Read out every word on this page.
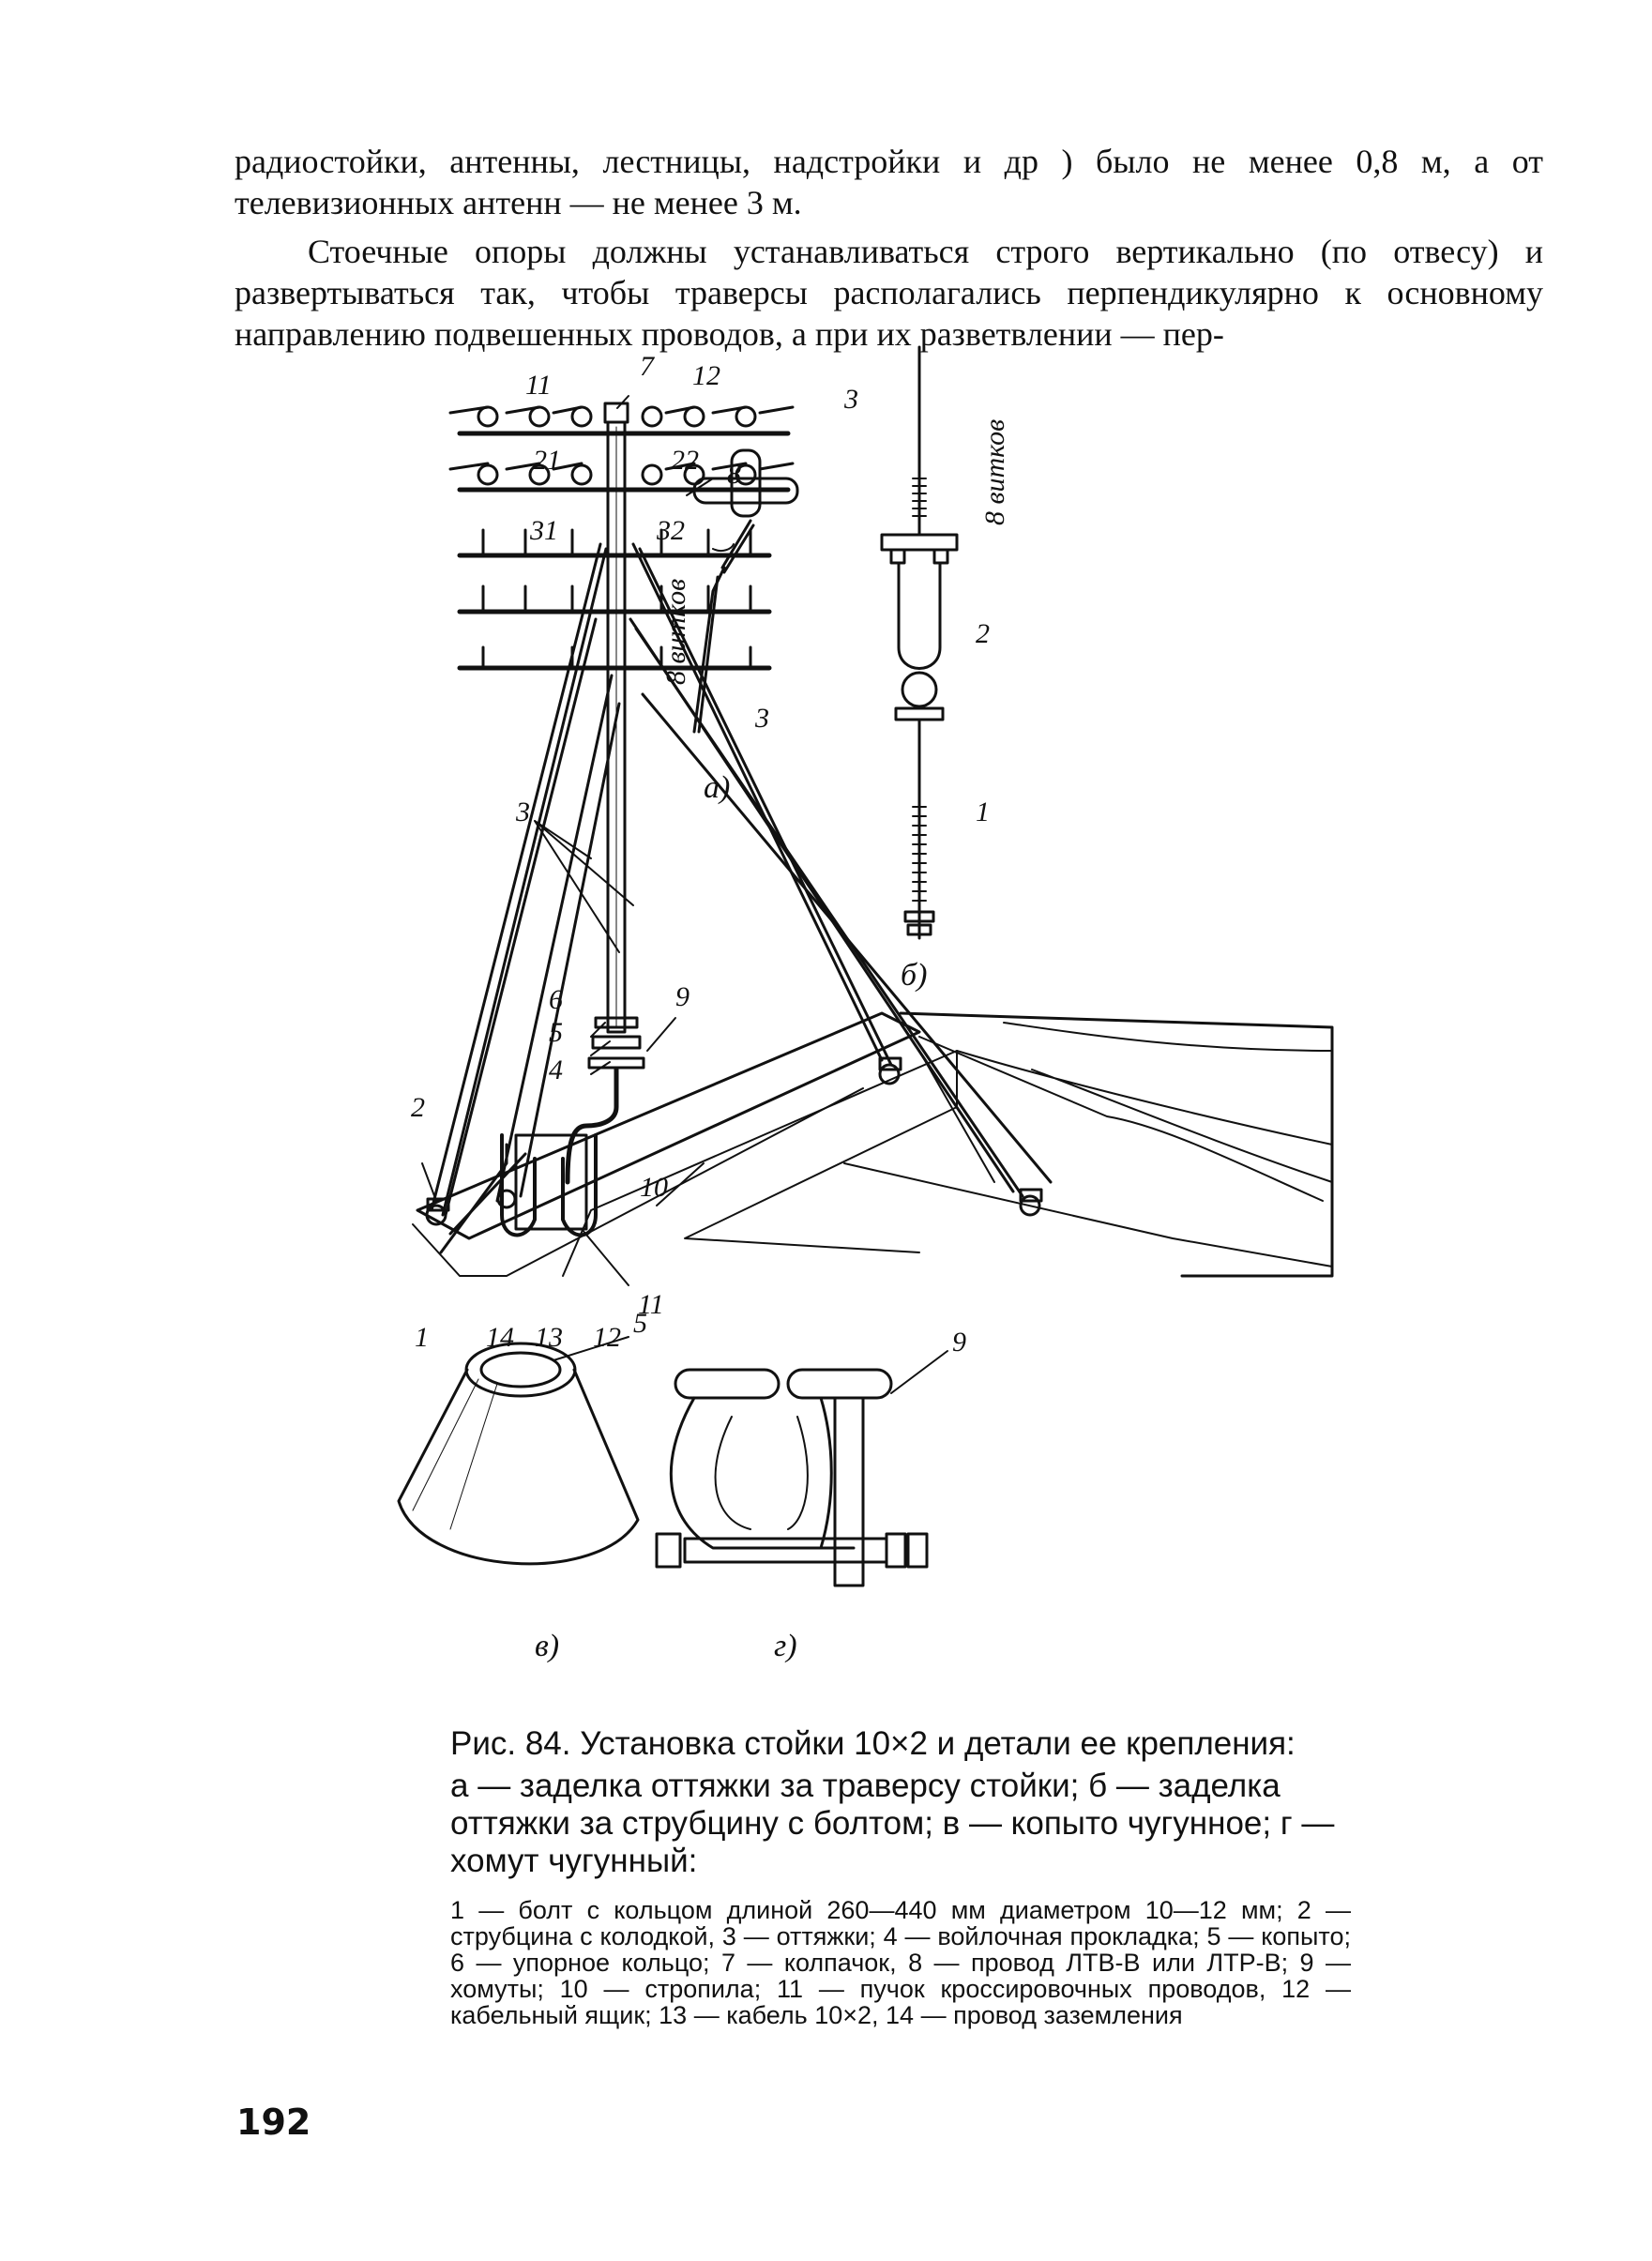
радиостойки, антенны, лестницы, надстройки и др ) было не менее 0,8 м, а от телевизионных антенн — не менее 3 м.

Стоечные опоры должны устанавливаться строго вертикально (по отвесу) и развертываться так, чтобы траверсы располагались перпендикулярно к основному направлению подвешенных проводов, а при их разветвлении — пер-

7
11	12
21	22 8
31	32
3
6
5
4
9
2
10
1 14 13 12
11
3
а)
8 витков
3
8 витков
2
1
б)
5
в)
9
г)

Рис. 84. Установка стойки 10×2 и детали ее крепления:

а — заделка оттяжки за траверсу стойки; б — заделка оттяжки за струбцину с болтом; в — копыто чугунное; г — хомут чугунный:

1 — болт с кольцом длиной 260—440 мм диаметром 10—12 мм; 2 — струбцина с колодкой, 3 — оттяжки; 4 — войлочная прокладка; 5 — копыто; 6 — упорное кольцо; 7 — колпачок, 8 — провод ЛТВ-В или ЛТР-В; 9 — хомуты; 10 — стропила; 11 — пучок кроссировочных проводов, 12 — кабельный ящик; 13 — кабель 10×2, 14 — провод заземления

192
